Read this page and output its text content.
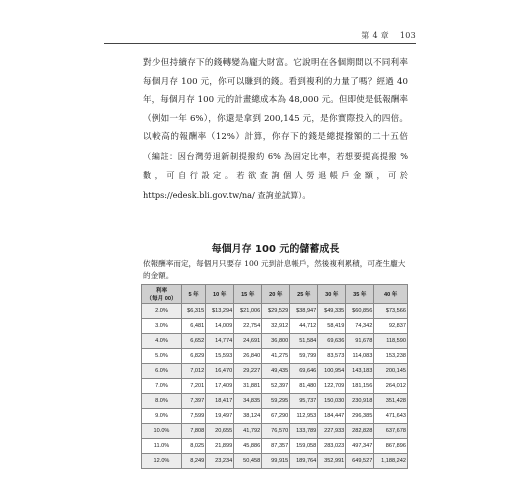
第 4 章 103
對少但持續存下的錢轉變為龐大財富。它說明在各個期間以不同利率每個月存 100 元，你可以賺到的錢。看到複利的力量了嗎？經過 40 年，每個月存 100 元的計畫總成本為 48,000 元。但即使是低報酬率（例如一年 6%），你還是拿到 200,145 元，是你實際投入的四倍。以較高的報酬率（12%）計算，你存下的錢是總提撥額的二十五倍（編註：因台灣勞退新制提撥約 6% 為固定比率，若想要提高提撥 % 數，可自行設定。若欲查詢個人勞退帳戶金額，可於 https://edesk.bli.gov.tw/na/ 查詢並試算）。
每個月存 100 元的儲蓄成長

依報酬率而定，每個月只要存 100 元到計息帳戶，然後複利累積，可產生龐大的金額。

利率
（每月 00）	5 年	10 年	15 年	20 年	25 年	30 年	35 年	40 年
2.0%	$6,315	$13,294	$21,006	$29,529	$38,947	$49,335	$60,856	$73,566
3.0%	6,481	14,009	22,754	32,912	44,712	58,419	74,342	92,837
4.0%	6,652	14,774	24,691	36,800	51,584	69,636	91,678	118,590
5.0%	6,829	15,593	26,840	41,275	59,799	83,573	114,083	153,238
6.0%	7,012	16,470	29,227	49,435	69,646	100,954	143,183	200,145
7.0%	7,201	17,409	31,881	52,397	81,480	122,709	181,156	264,012
8.0%	7,397	18,417	34,835	59,295	95,737	150,030	230,918	351,428
9.0%	7,599	19,497	38,124	67,290	112,953	184,447	296,385	471,643
10.0%	7,808	20,655	41,792	76,570	133,789	227,933	282,828	637,678
11.0%	8,025	21,899	45,886	87,357	159,058	283,023	497,347	867,896
12.0%	8,249	23,234	50,458	99,915	189,764	352,991	649,527	1,188,242
